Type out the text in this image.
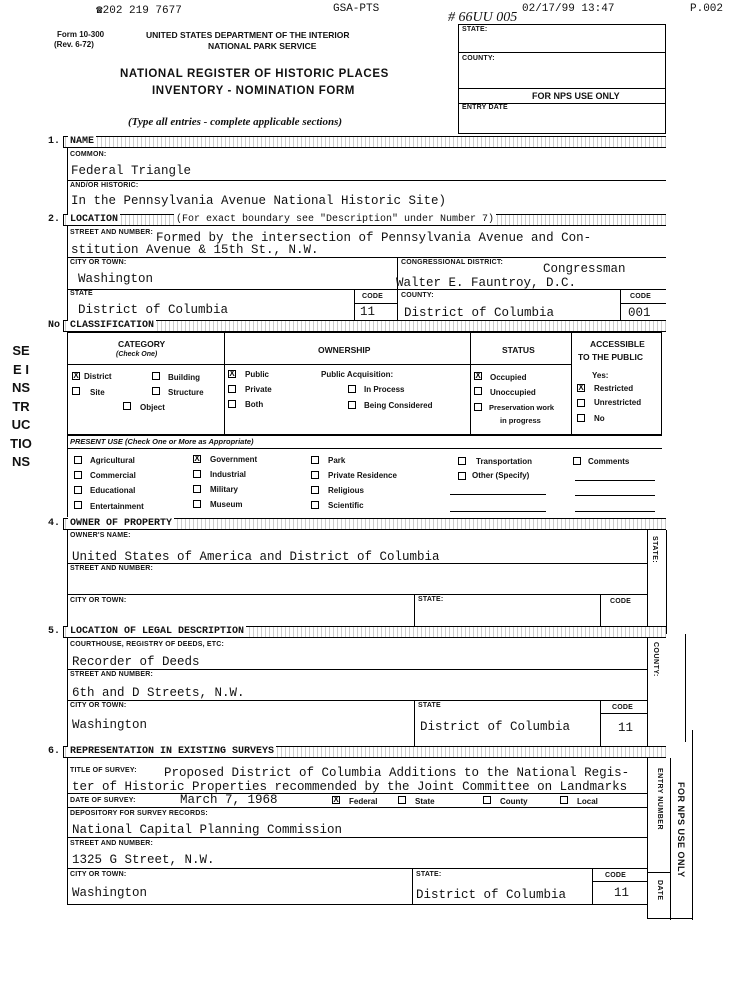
☎202 219 7677	GSA-PTS
# 66UU 005
02/17/99 13:47	P.002
Form 10-300
(Rev. 6-72)
UNITED STATES DEPARTMENT OF THE INTERIOR
NATIONAL PARK SERVICE
NATIONAL REGISTER OF HISTORIC PLACES
INVENTORY - NOMINATION FORM
(Type all entries - complete applicable sections)
STATE:
COUNTY:
FOR NPS USE ONLY
ENTRY DATE
SEE INSTRUCTIONS
1. NAME
COMMON:
Federal Triangle
AND/OR HISTORIC:
In the Pennsylvania Avenue National Historic Site)
2. LOCATION	(For exact boundary see "Description" under Number 7)
STREET AND NUMBER: Formed by the intersection of Pennsylvania Avenue and Con-
stitution Avenue & 15th St., N.W.
CITY OR TOWN:
Washington
CONGRESSIONAL DISTRICT:	Congressman
Walter E. Fauntroy, D.C.
STATE
District of Columbia
CODE
11
COUNTY:
District of Columbia
CODE
001
No CLASSIFICATION
CATEGORY
(Check One)	OWNERSHIP	STATUS
ACCESSIBLE
TO THE PUBLIC
X District	Building
Site	Structure
Object
X Public
Private
Both
Public Acquisition:
In Process
Being Considered
X Occupied
Unoccupied
Preservation work
in progress
Yes:
X Restricted
Unrestricted
No
PRESENT USE (Check One or More as Appropriate)
Agricultural
Commercial
Educational
Entertainment
X Government
Industrial
Military
Museum
Park
Private Residence
Religious
Scientific
Transportation
Other (Specify)
Comments
4. OWNER OF PROPERTY
OWNER'S NAME:
United States of America and District of Columbia
STREET AND NUMBER:
CITY OR TOWN:	STATE:	CODE
STATE:
5. LOCATION OF LEGAL DESCRIPTION
COURTHOUSE, REGISTRY OF DEEDS, ETC:
Recorder of Deeds
STREET AND NUMBER:
6th and D Streets, N.W.
CITY OR TOWN:
Washington
STATE
District of Columbia
CODE
11
COUNTY:
6. REPRESENTATION IN EXISTING SURVEYS
TITLE OF SURVEY: Proposed District of Columbia Additions to the National Regis-
ter of Historic Properties recommended by the Joint Committee on Landmarks
DATE OF SURVEY:	March 7, 1968	X Federal	State	County	Local
DEPOSITORY FOR SURVEY RECORDS:
National Capital Planning Commission
STREET AND NUMBER:
1325 G Street, N.W.
CITY OR TOWN:
Washington
STATE:
District of Columbia
CODE
11
ENTRY NUMBER
DATE
FOR NPS USE ONLY
